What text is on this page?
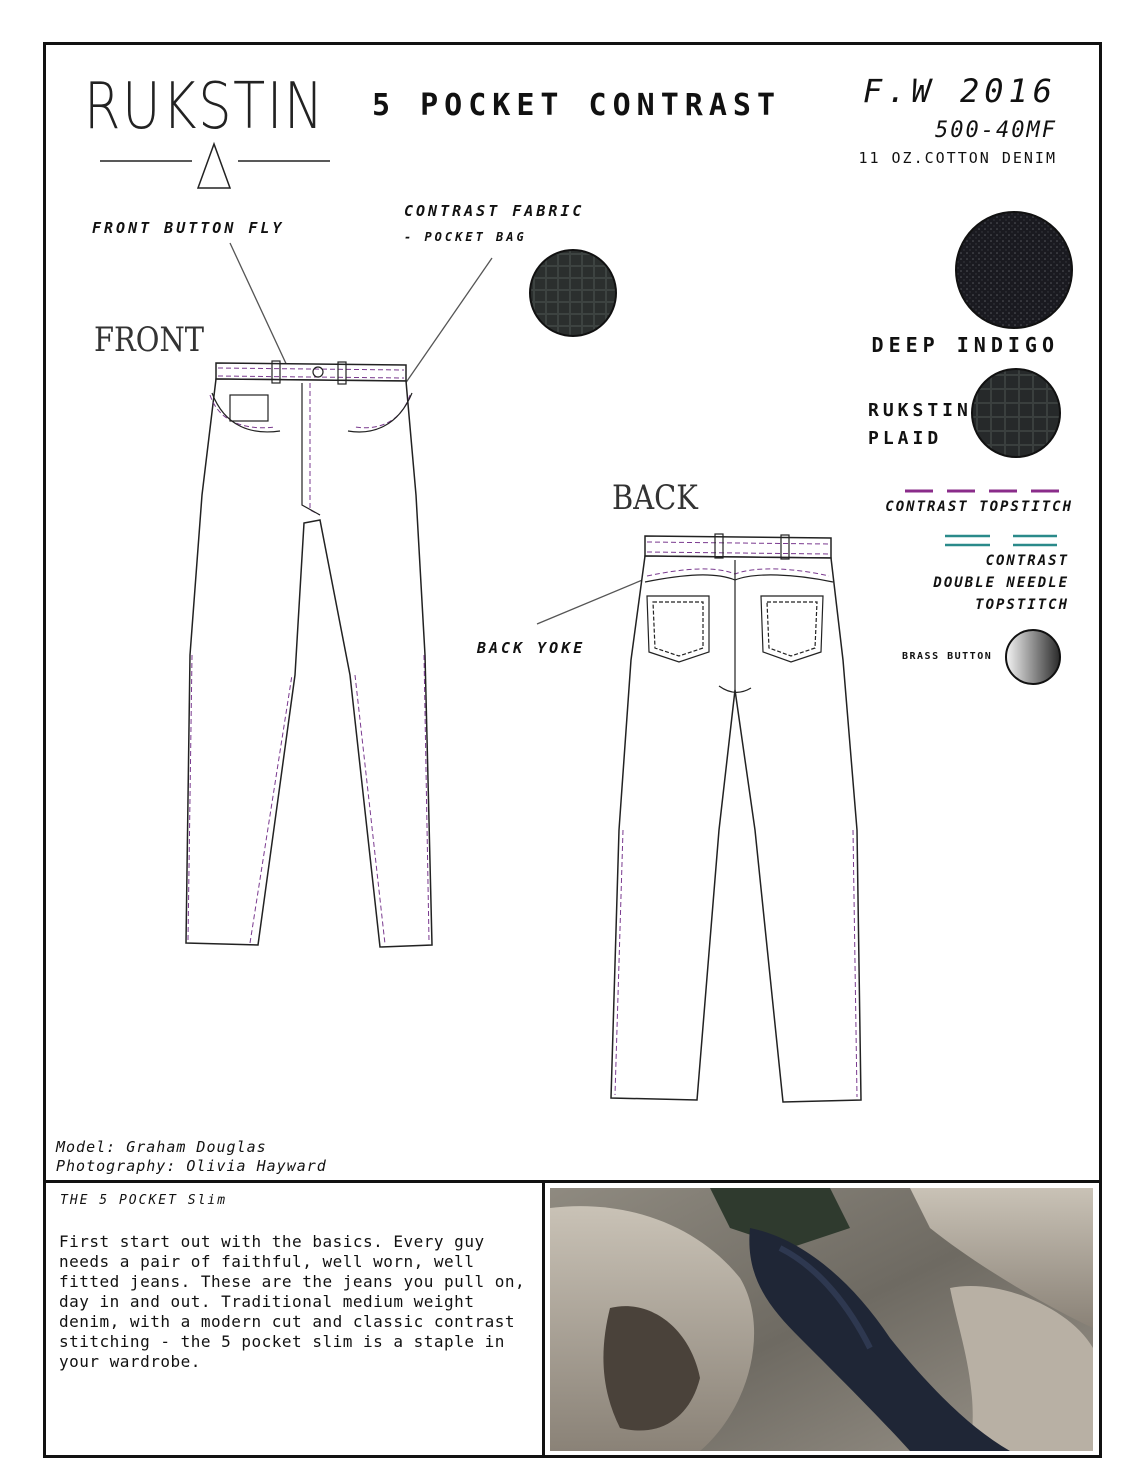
RUKSTIN 5 POCKET CONTRAST	F.W 2016
500-40MF
11 OZ.COTTON DENIM
FRONT BUTTON FLY
CONTRAST FABRIC
- POCKET BAG
BACK YOKE
FRONT
BACK
DEEP INDIGO
RUKSTIN
PLAID
CONTRAST TOPSTITCH
CONTRAST
DOUBLE NEEDLE
TOPSTITCH
BRASS BUTTON
Model: Graham Douglas
Photography: Olivia Hayward
THE 5 POCKET Slim
First start out with the basics. Every guy needs a pair of faithful, well worn, well fitted jeans. These are the jeans you pull on, day in and out. Traditional medium weight denim, with a modern cut and classic contrast stitching - the 5 pocket slim is a staple in your wardrobe.
